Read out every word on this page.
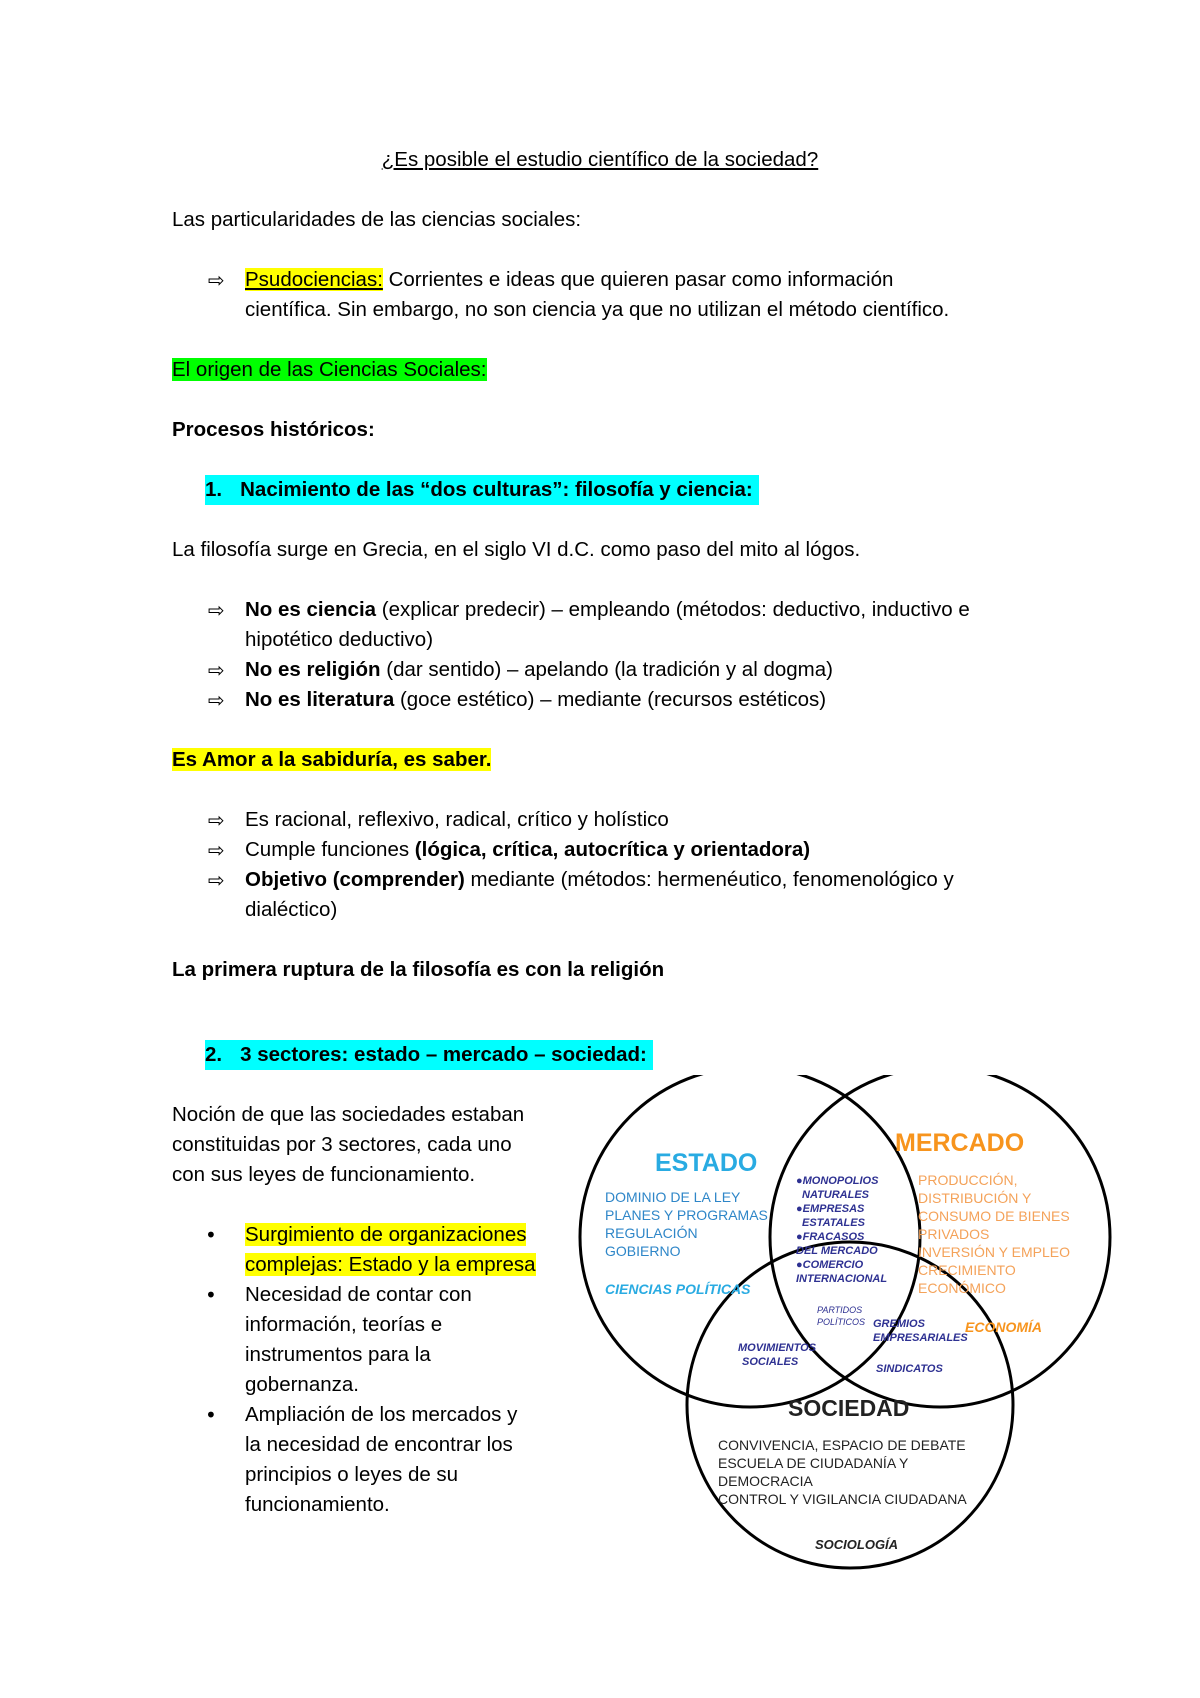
¿Es posible el estudio científico de la sociedad?
Las particularidades de las ciencias sociales:
⇨ Psudociencias: Corrientes e ideas que quieren pasar como información
científica. Sin embargo, no son ciencia ya que no utilizan el método científico.
El origen de las Ciencias Sociales:
Procesos históricos:
1. Nacimiento de las “dos culturas”: filosofía y ciencia:
La filosofía surge en Grecia, en el siglo VI d.C. como paso del mito al lógos.
⇨ No es ciencia (explicar predecir) – empleando (métodos: deductivo, inductivo e
hipotético deductivo)
⇨ No es religión (dar sentido) – apelando (la tradición y al dogma)
⇨ No es literatura (goce estético) – mediante (recursos estéticos)
Es Amor a la sabiduría, es saber.
⇨ Es racional, reflexivo, radical, crítico y holístico
⇨ Cumple funciones (lógica, crítica, autocrítica y orientadora)
⇨ Objetivo (comprender) mediante (métodos: hermenéutico, fenomenológico y
dialéctico)
La primera ruptura de la filosofía es con la religión
2. 3 sectores: estado – mercado – sociedad:
Noción de que las sociedades estaban
constituidas por 3 sectores, cada uno
con sus leyes de funcionamiento.
• Surgimiento de organizaciones
complejas: Estado y la empresa
• Necesidad de contar con
información, teorías e
instrumentos para la
gobernanza.
• Ampliación de los mercados y
la necesidad de encontrar los
principios o leyes de su
funcionamiento.
ESTADO
DOMINIO DE LA LEY
PLANES Y PROGRAMAS
REGULACIÓN
GOBIERNO
CIENCIAS POLÍTICAS
MERCADO
PRODUCCIÓN,
DISTRIBUCIÓN Y
CONSUMO DE BIENES
PRIVADOS
INVERSIÓN Y EMPLEO
CRECIMIENTO
ECONÓMICO
ECONOMÍA
●MONOPOLIOS
NATURALES
●EMPRESAS
ESTATALES
●FRACASOS
DEL MERCADO
●COMERCIO
INTERNACIONAL
PARTIDOS
POLÍTICOS
MOVIMIENTOS
SOCIALES
GREMIOS
EMPRESARIALES
SINDICATOS
SOCIEDAD
CONVIVENCIA, ESPACIO DE DEBATE
ESCUELA DE CIUDADANÍA Y
DEMOCRACIA
CONTROL Y VIGILANCIA CIUDADANA
SOCIOLOGÍA
